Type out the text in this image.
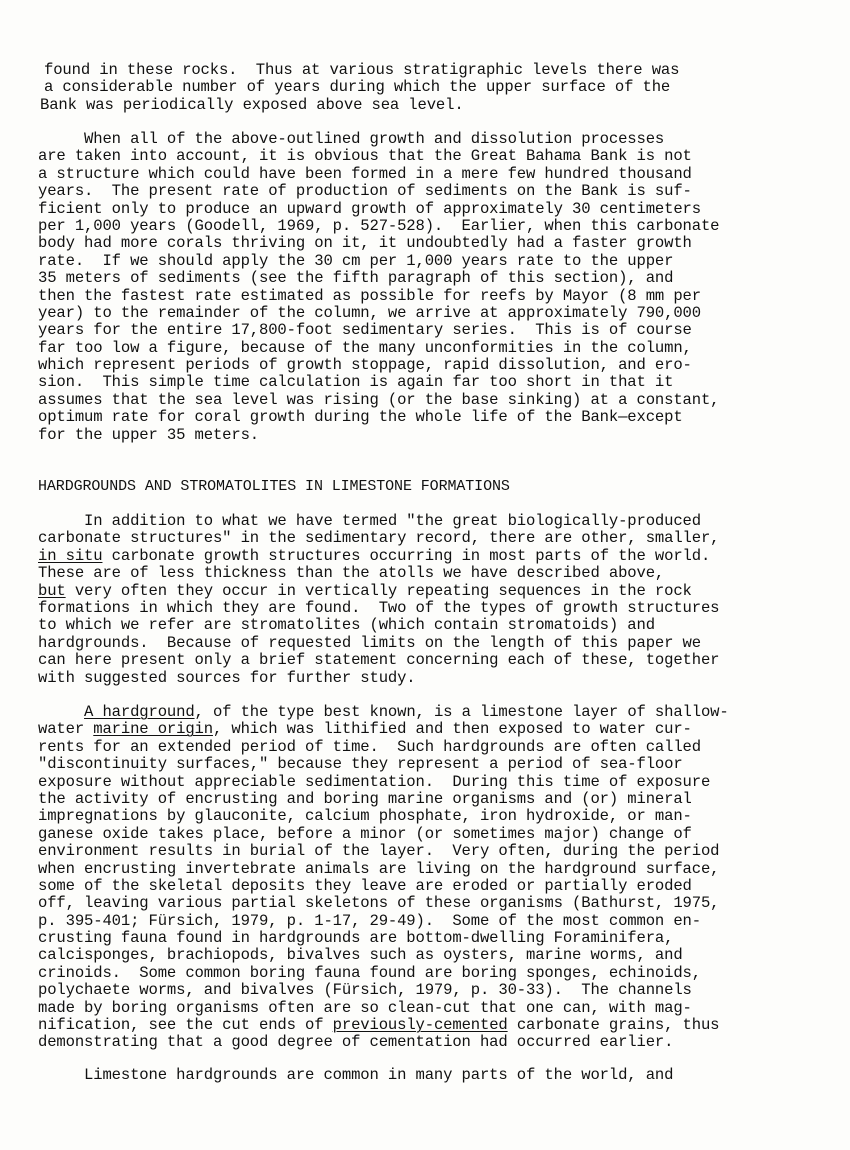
found in these rocks.  Thus at various stratigraphic levels there was
a considerable number of years during which the upper surface of the
Bank was periodically exposed above sea level.
When all of the above-outlined growth and dissolution processes
are taken into account, it is obvious that the Great Bahama Bank is not
a structure which could have been formed in a mere few hundred thousand
years.  The present rate of production of sediments on the Bank is suf-
ficient only to produce an upward growth of approximately 30 centimeters
per 1,000 years (Goodell, 1969, p. 527-528).  Earlier, when this carbonate
body had more corals thriving on it, it undoubtedly had a faster growth
rate.  If we should apply the 30 cm per 1,000 years rate to the upper
35 meters of sediments (see the fifth paragraph of this section), and
then the fastest rate estimated as possible for reefs by Mayor (8 mm per
year) to the remainder of the column, we arrive at approximately 790,000
years for the entire 17,800-foot sedimentary series.  This is of course
far too low a figure, because of the many unconformities in the column,
which represent periods of growth stoppage, rapid dissolution, and ero-
sion.  This simple time calculation is again far too short in that it
assumes that the sea level was rising (or the base sinking) at a constant,
optimum rate for coral growth during the whole life of the Bank—except
for the upper 35 meters.
HARDGROUNDS AND STROMATOLITES IN LIMESTONE FORMATIONS
In addition to what we have termed "the great biologically-produced
carbonate structures" in the sedimentary record, there are other, smaller,
in situ carbonate growth structures occurring in most parts of the world.
These are of less thickness than the atolls we have described above,
but very often they occur in vertically repeating sequences in the rock
formations in which they are found.  Two of the types of growth structures
to which we refer are stromatolites (which contain stromatoids) and
hardgrounds.  Because of requested limits on the length of this paper we
can here present only a brief statement concerning each of these, together
with suggested sources for further study.
A hardground, of the type best known, is a limestone layer of shallow-
water marine origin, which was lithified and then exposed to water cur-
rents for an extended period of time.  Such hardgrounds are often called
"discontinuity surfaces," because they represent a period of sea-floor
exposure without appreciable sedimentation.  During this time of exposure
the activity of encrusting and boring marine organisms and (or) mineral
impregnations by glauconite, calcium phosphate, iron hydroxide, or man-
ganese oxide takes place, before a minor (or sometimes major) change of
environment results in burial of the layer.  Very often, during the period
when encrusting invertebrate animals are living on the hardground surface,
some of the skeletal deposits they leave are eroded or partially eroded
off, leaving various partial skeletons of these organisms (Bathurst, 1975,
p. 395-401; Fürsich, 1979, p. 1-17, 29-49).  Some of the most common en-
crusting fauna found in hardgrounds are bottom-dwelling Foraminifera,
calcisponges, brachiopods, bivalves such as oysters, marine worms, and
crinoids.  Some common boring fauna found are boring sponges, echinoids,
polychaete worms, and bivalves (Fürsich, 1979, p. 30-33).  The channels
made by boring organisms often are so clean-cut that one can, with mag-
nification, see the cut ends of previously-cemented carbonate grains, thus
demonstrating that a good degree of cementation had occurred earlier.
Limestone hardgrounds are common in many parts of the world, and
